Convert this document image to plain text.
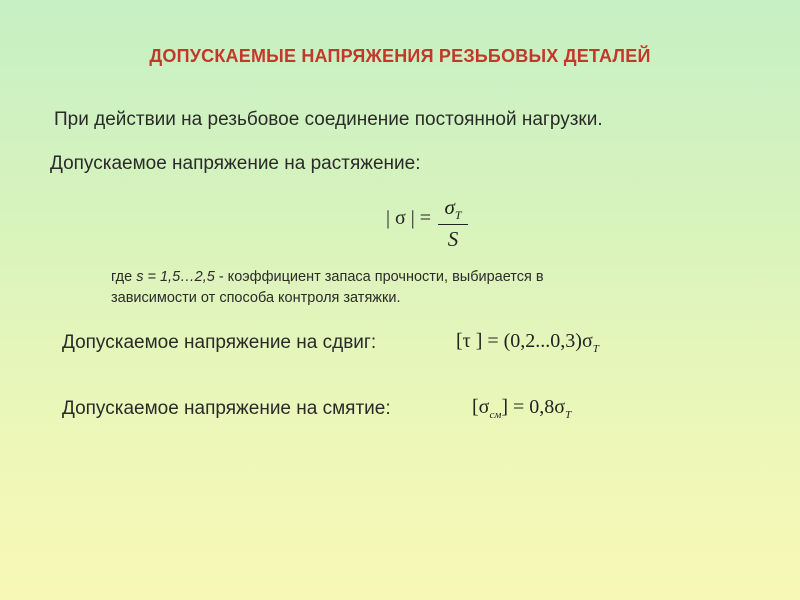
ДОПУСКАЕМЫЕ НАПРЯЖЕНИЯ РЕЗЬБОВЫХ ДЕТАЛЕЙ
При действии на резьбовое соединение постоянной нагрузки.
Допускаемое напряжение на растяжение:
| σ | = $\sigma_T$
S
где s = 1,5…2,5 - коэффициент запаса прочности, выбирается в
зависимости от способа контроля затяжки.
Допускаемое напряжение на сдвиг:	[τ ] = $(0,2...0,3)\sigma_T$
Допускаемое напряжение на смятие:	$[\sigma_{см}] = 0,8\sigma_T$
